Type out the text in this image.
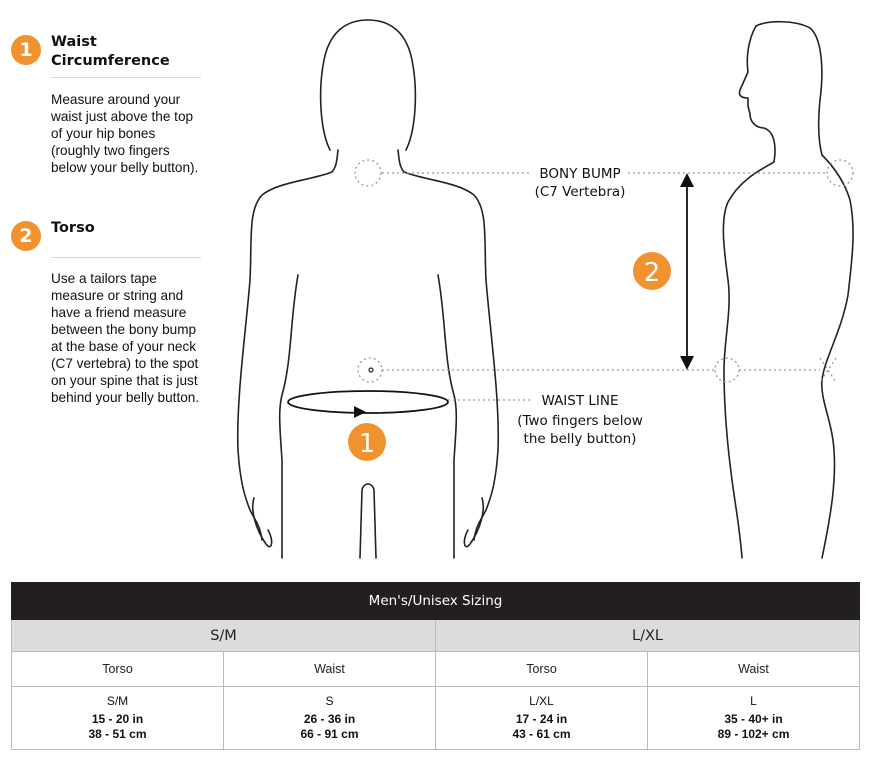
1	Waist Circumference
Measure around your waist just above the top of your hip bones (roughly two fingers below your belly button).
2	Torso
Use a tailors tape measure or string and have a friend measure between the bony bump at the base of your neck (C7 vertebra) to the spot on your spine that is just behind your belly button.
1
2
BONY BUMP
(C7 Vertebra)
WAIST LINE
(Two fingers below
the belly button)
Men's/Unisex Sizing			
S/M		L/XL	
Torso	Waist	Torso	Waist

S/M
15 - 20 in
38 - 51 cm	S
26 - 36 in
66 - 91 cm	L/XL
17 - 24 in
43 - 61 cm	L
35 - 40+ in
89 - 102+ cm
